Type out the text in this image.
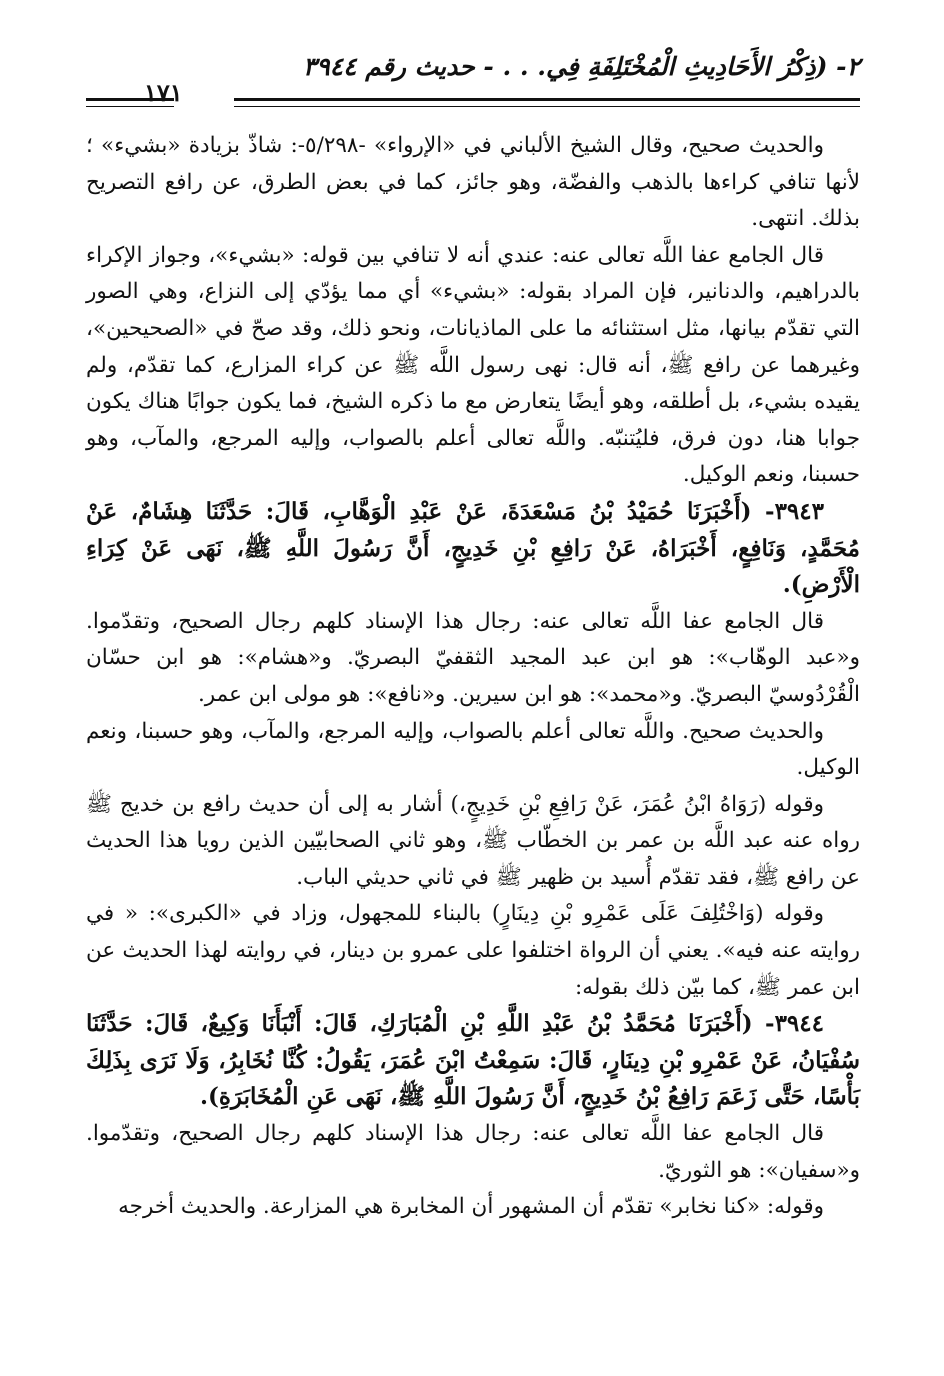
٢- (ذِكْرُ الأَحَادِيثِ الْمُخْتَلِفَةِ فِي. . . - حديث رقم ٣٩٤٤
١٧١

والحديث صحيح، وقال الشيخ الألباني في «الإرواء» -٥/٢٩٨-: شاذّ بزيادة «بشيء» ؛ لأنها تنافي كراءها بالذهب والفضّة، وهو جائز، كما في بعض الطرق، عن رافع التصريح بذلك. انتهى.

قال الجامع عفا اللَّه تعالى عنه: عندي أنه لا تنافي بين قوله: «بشيء»، وجواز الإكراء بالدراهيم، والدنانير، فإن المراد بقوله: «بشيء» أي مما يؤدّي إلى النزاع، وهي الصور التي تقدّم بيانها، مثل استثنائه ما على الماذيانات، ونحو ذلك، وقد صحّ في «الصحيحين»، وغيرهما عن رافع ﷺ، أنه قال: نهى رسول اللَّه ﷺ عن كراء المزارع، كما تقدّم، ولم يقيده بشيء، بل أطلقه، وهو أيضًا يتعارض مع ما ذكره الشيخ، فما يكون جوابًا هناك يكون جوابا هنا، دون فرق، فليُتنبّه. واللَّه تعالى أعلم بالصواب، وإليه المرجع، والمآب، وهو حسبنا، ونعم الوكيل.

٣٩٤٣- (أَخْبَرَنَا حُمَيْدُ بْنُ مَسْعَدَةَ، عَنْ عَبْدِ الْوَهَّابِ، قَالَ: حَدَّثَنَا هِشَامٌ، عَنْ مُحَمَّدٍ، وَنَافِعٍ، أَخْبَرَاهُ، عَنْ رَافِعِ بْنِ خَدِيجٍ، أَنَّ رَسُولَ اللَّهِ ﷺ، نَهَى عَنْ كِرَاءِ الْأَرْضِ).

قال الجامع عفا اللَّه تعالى عنه: رجال هذا الإسناد كلهم رجال الصحيح، وتقدّموا. و«عبد الوهّاب»: هو ابن عبد المجيد الثقفيّ البصريّ. و«هشام»: هو ابن حسّان الْقُرْدُوسيّ البصريّ. و«محمد»: هو ابن سيرين. و«نافع»: هو مولى ابن عمر.

والحديث صحيح. واللَّه تعالى أعلم بالصواب، وإليه المرجع، والمآب، وهو حسبنا، ونعم الوكيل.

وقوله (رَوَاهُ ابْنُ عُمَرَ، عَنْ رَافِعِ بْنِ خَدِيجٍ،) أشار به إلى أن حديث رافع بن خديج ﷺ رواه عنه عبد اللَّه بن عمر بن الخطّاب ﷺ، وهو ثاني الصحابيّين الذين رويا هذا الحديث عن رافع ﷺ، فقد تقدّم أُسيد بن ظهير ﷺ في ثاني حديثي الباب.

وقوله (وَاخْتُلِفَ عَلَى عَمْرِو بْنِ دِينَارٍ) بالبناء للمجهول، وزاد في «الكبرى»: « في روايته عنه فيه». يعني أن الرواة اختلفوا على عمرو بن دينار، في روايته لهذا الحديث عن ابن عمر ﷺ، كما بيّن ذلك بقوله:

٣٩٤٤- (أَخْبَرَنَا مُحَمَّدُ بْنُ عَبْدِ اللَّهِ بْنِ الْمُبَارَكِ، قَالَ: أَنْبَأَنَا وَكِيعٌ، قَالَ: حَدَّثَنَا سُفْيَانُ، عَنْ عَمْرِو بْنِ دِينَارٍ، قَالَ: سَمِعْتُ ابْنَ عُمَرَ، يَقُولُ: كُنَّا نُخَابِرُ، وَلَا نَرَى بِذَلِكَ بَأْسًا، حَتَّى زَعَمَ رَافِعُ بْنُ خَدِيجٍ، أَنَّ رَسُولَ اللَّهِ ﷺ، نَهَى عَنِ الْمُخَابَرَةِ).

قال الجامع عفا اللَّه تعالى عنه: رجال هذا الإسناد كلهم رجال الصحيح، وتقدّموا. و«سفيان»: هو الثوريّ.

وقوله: «كنا نخابر» تقدّم أن المشهور أن المخابرة هي المزارعة. والحديث أخرجه
